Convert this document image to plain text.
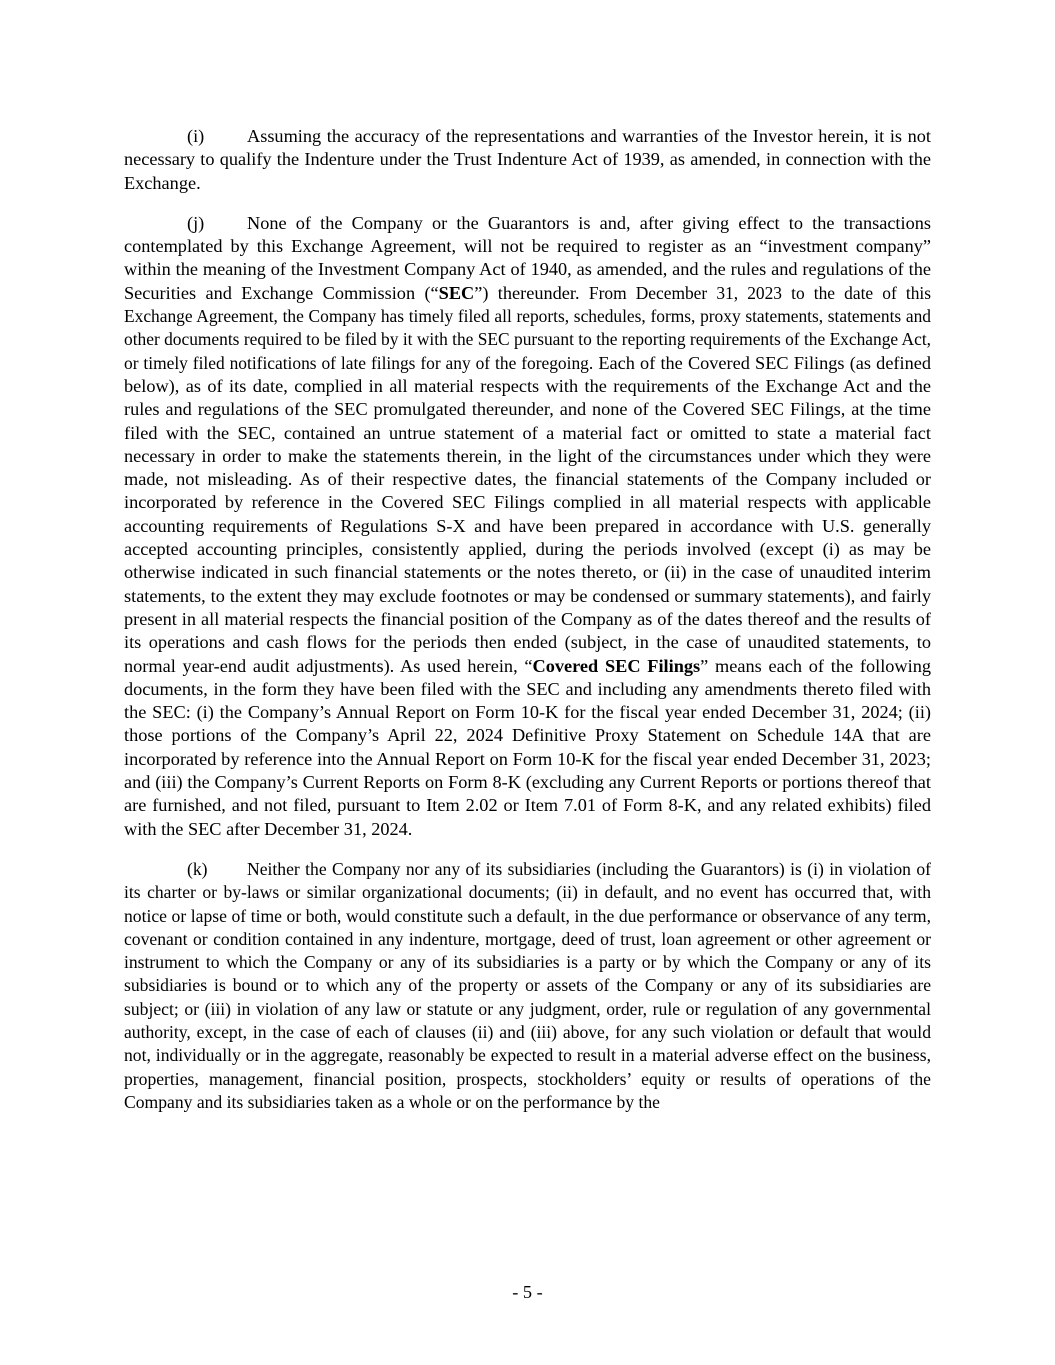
(i) Assuming the accuracy of the representations and warranties of the Investor herein, it is not necessary to qualify the Indenture under the Trust Indenture Act of 1939, as amended, in connection with the Exchange.

(j) None of the Company or the Guarantors is and, after giving effect to the transactions contemplated by this Exchange Agreement, will not be required to register as an “investment company” within the meaning of the Investment Company Act of 1940, as amended, and the rules and regulations of the Securities and Exchange Commission (“SEC”) thereunder. From December 31, 2023 to the date of this Exchange Agreement, the Company has timely filed all reports, schedules, forms, proxy statements, statements and other documents required to be filed by it with the SEC pursuant to the reporting requirements of the Exchange Act, or timely filed notifications of late filings for any of the foregoing. Each of the Covered SEC Filings (as defined below), as of its date, complied in all material respects with the requirements of the Exchange Act and the rules and regulations of the SEC promulgated thereunder, and none of the Covered SEC Filings, at the time filed with the SEC, contained an untrue statement of a material fact or omitted to state a material fact necessary in order to make the statements therein, in the light of the circumstances under which they were made, not misleading. As of their respective dates, the financial statements of the Company included or incorporated by reference in the Covered SEC Filings complied in all material respects with applicable accounting requirements of Regulations S-X and have been prepared in accordance with U.S. generally accepted accounting principles, consistently applied, during the periods involved (except (i) as may be otherwise indicated in such financial statements or the notes thereto, or (ii) in the case of unaudited interim statements, to the extent they may exclude footnotes or may be condensed or summary statements), and fairly present in all material respects the financial position of the Company as of the dates thereof and the results of its operations and cash flows for the periods then ended (subject, in the case of unaudited statements, to normal year-end audit adjustments). As used herein, “Covered SEC Filings” means each of the following documents, in the form they have been filed with the SEC and including any amendments thereto filed with the SEC: (i) the Company’s Annual Report on Form 10-K for the fiscal year ended December 31, 2024; (ii) those portions of the Company’s April 22, 2024 Definitive Proxy Statement on Schedule 14A that are incorporated by reference into the Annual Report on Form 10-K for the fiscal year ended December 31, 2023; and (iii) the Company’s Current Reports on Form 8-K (excluding any Current Reports or portions thereof that are furnished, and not filed, pursuant to Item 2.02 or Item 7.01 of Form 8-K, and any related exhibits) filed with the SEC after December 31, 2024.

(k) Neither the Company nor any of its subsidiaries (including the Guarantors) is (i) in violation of its charter or by-laws or similar organizational documents; (ii) in default, and no event has occurred that, with notice or lapse of time or both, would constitute such a default, in the due performance or observance of any term, covenant or condition contained in any indenture, mortgage, deed of trust, loan agreement or other agreement or instrument to which the Company or any of its subsidiaries is a party or by which the Company or any of its subsidiaries is bound or to which any of the property or assets of the Company or any of its subsidiaries are subject; or (iii) in violation of any law or statute or any judgment, order, rule or regulation of any governmental authority, except, in the case of each of clauses (ii) and (iii) above, for any such violation or default that would not, individually or in the aggregate, reasonably be expected to result in a material adverse effect on the business, properties, management, financial position, prospects, stockholders’ equity or results of operations of the Company and its subsidiaries taken as a whole or on the performance by the

- 5 -
